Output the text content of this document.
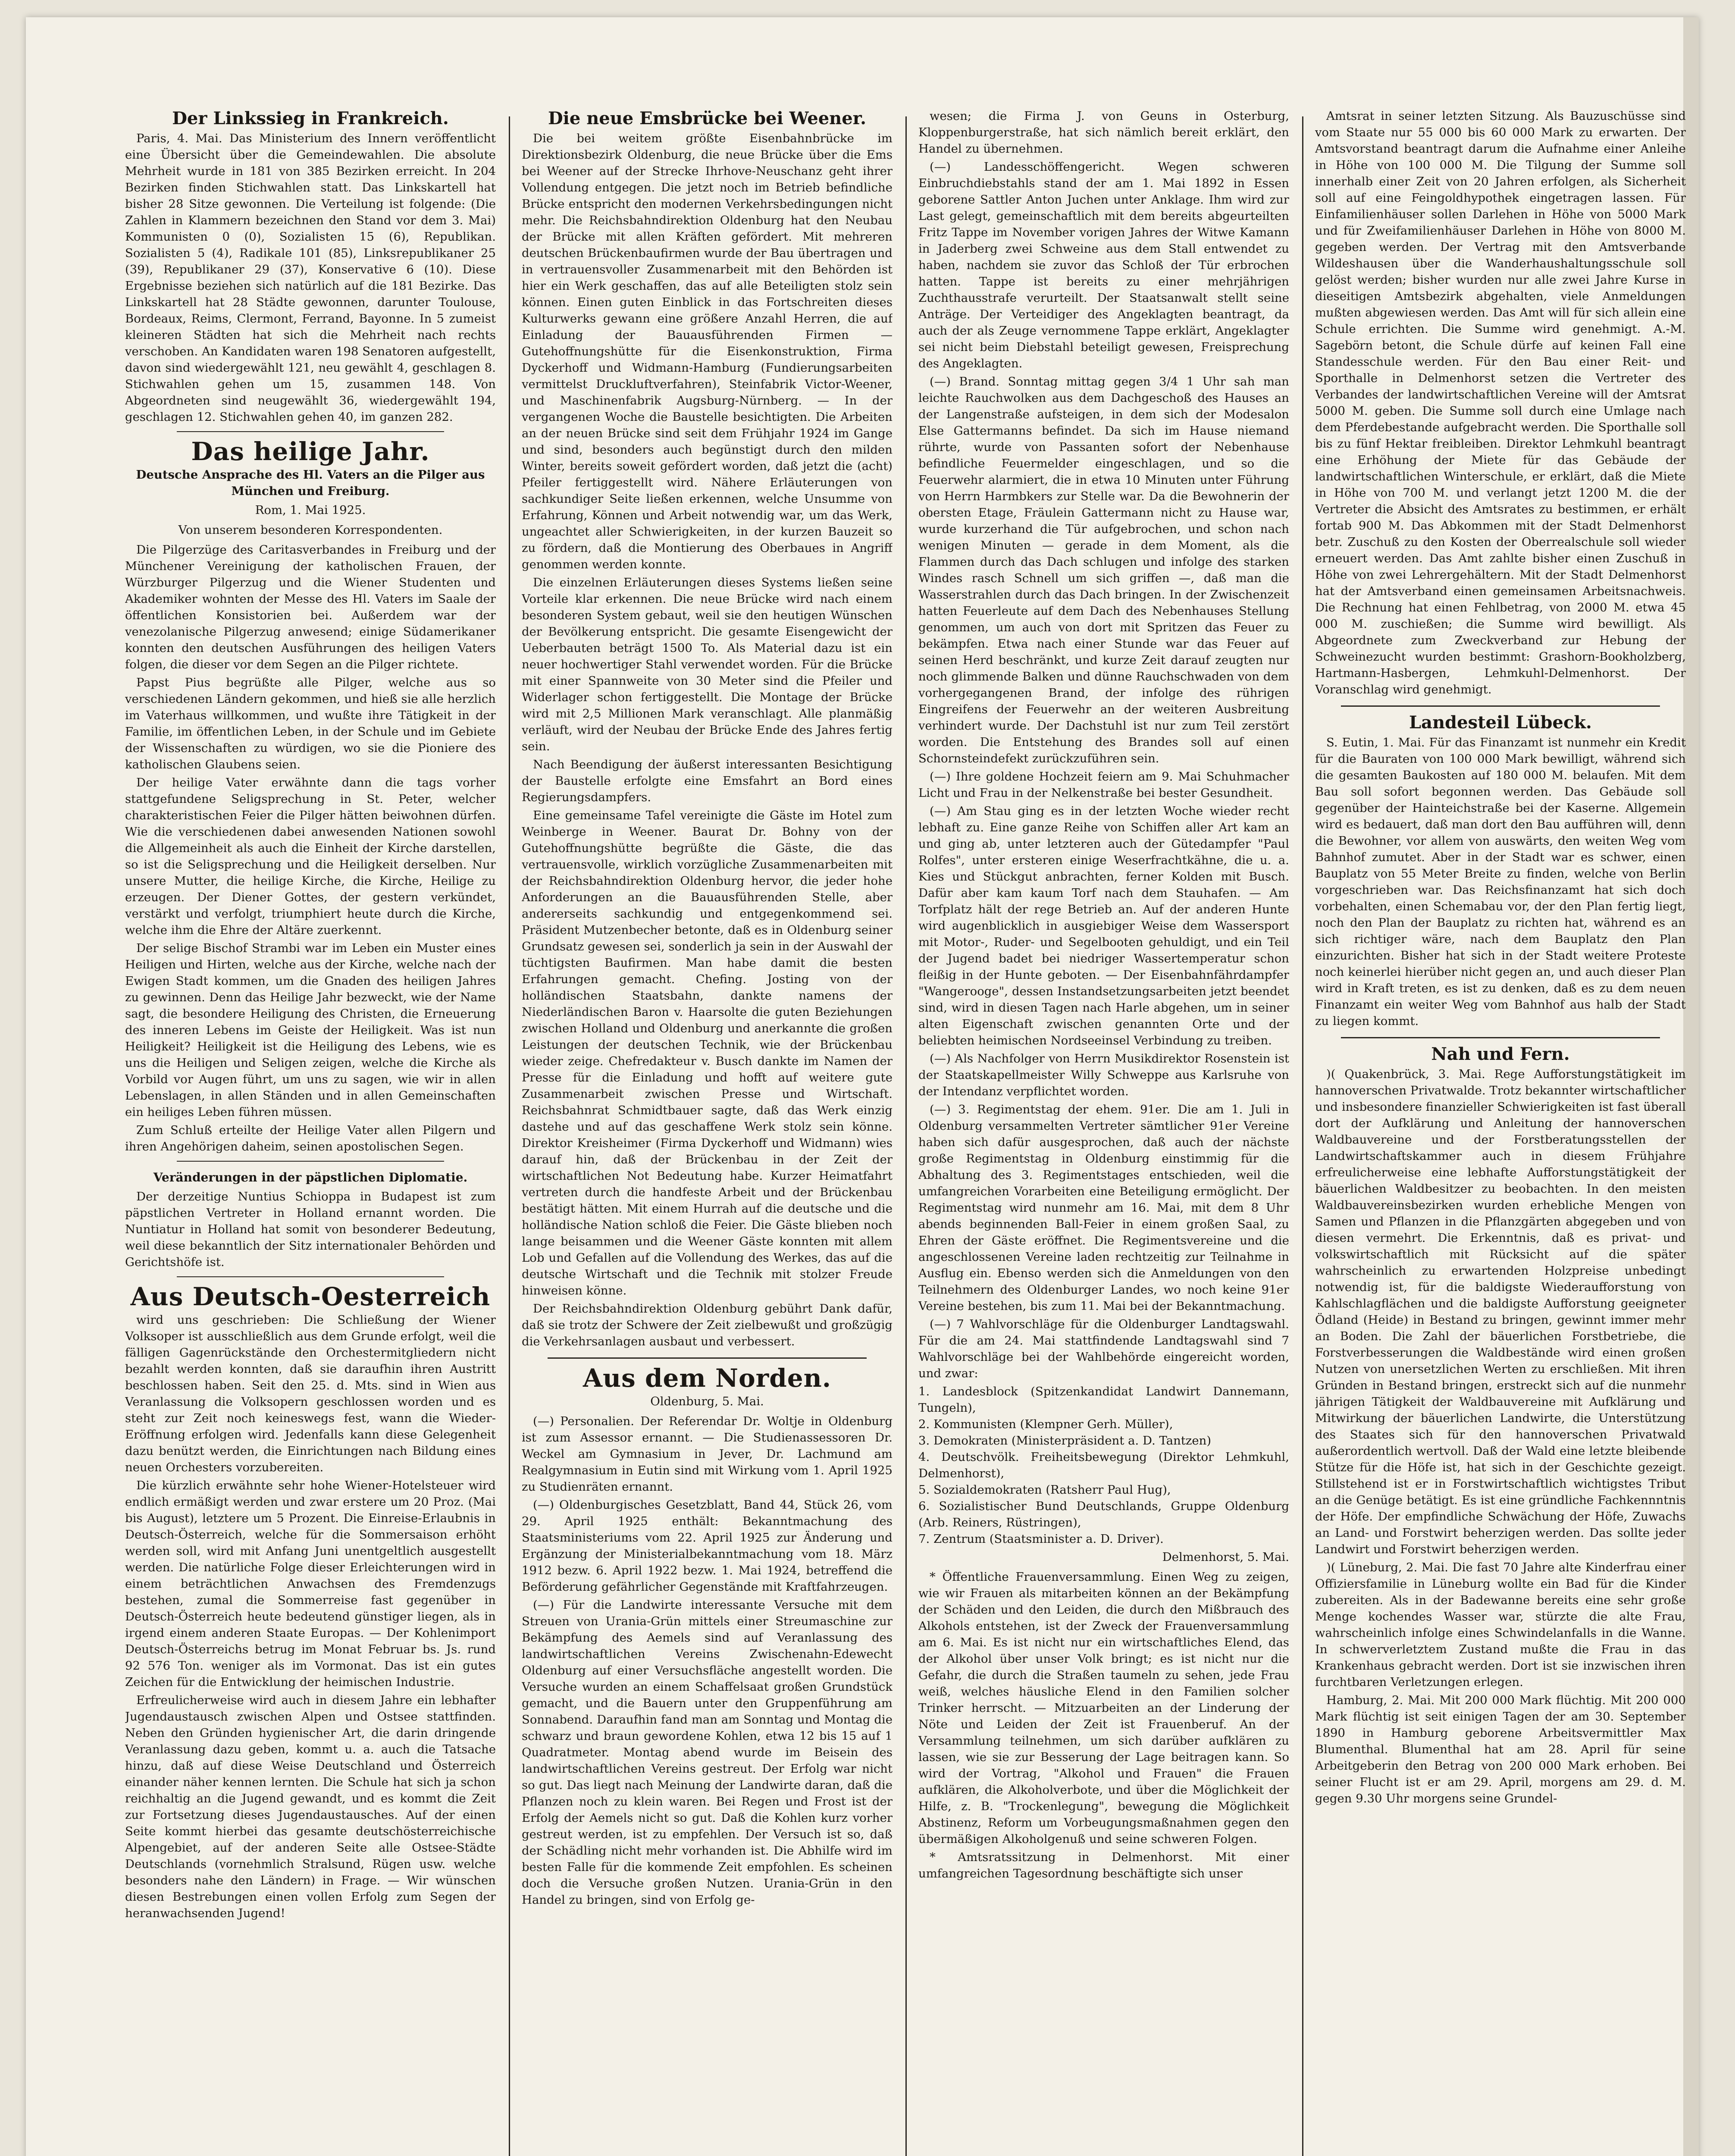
Der Linkssieg in Frankreich.

Paris, 4. Mai. Das Ministerium des Innern veröffentlicht eine Übersicht über die Gemeindewahlen. Die absolute Mehrheit wurde in 181 von 385 Bezirken erreicht. In 204 Bezirken finden Stichwahlen statt. Das Linkskartell hat bisher 28 Sitze gewonnen. Die Verteilung ist folgende: (Die Zahlen in Klammern bezeichnen den Stand vor dem 3. Mai) Kommunisten 0 (0), Sozialisten 15 (6), Republikan. Sozialisten 5 (4), Radikale 101 (85), Linksrepublikaner 25 (39), Republikaner 29 (37), Konservative 6 (10). Diese Ergebnisse beziehen sich natürlich auf die 181 Bezirke. Das Linkskartell hat 28 Städte gewonnen, darunter Toulouse, Bordeaux, Reims, Clermont, Ferrand, Bayonne. In 5 zumeist kleineren Städten hat sich die Mehrheit nach rechts verschoben. An Kandidaten waren 198 Senatoren aufgestellt, davon sind wiedergewählt 121, neu gewählt 4, geschlagen 8. Stichwahlen gehen um 15, zusammen 148. Von Abgeordneten sind neugewählt 36, wiedergewählt 194, geschlagen 12. Stichwahlen gehen 40, im ganzen 282.

Das heilige Jahr.
Deutsche Ansprache des Hl. Vaters an die Pilger aus München und Freiburg.
Rom, 1. Mai 1925.
Von unserem besonderen Korrespondenten.

Die Pilgerzüge des Caritasverbandes in Freiburg und der Münchener Vereinigung der katholischen Frauen, der Würzburger Pilgerzug und die Wiener Studenten und Akademiker wohnten der Messe des Hl. Vaters im Saale der öffentlichen Konsistorien bei. Außerdem war der venezolanische Pilgerzug anwesend; einige Südamerikaner konnten den deutschen Ausführungen des heiligen Vaters folgen, die dieser vor dem Segen an die Pilger richtete.

Papst Pius begrüßte alle Pilger, welche aus so verschiedenen Ländern gekommen, und hieß sie alle herzlich im Vaterhaus willkommen, und wußte ihre Tätigkeit in der Familie, im öffentlichen Leben, in der Schule und im Gebiete der Wissenschaften zu würdigen, wo sie die Pioniere des katholischen Glaubens seien.

Der heilige Vater erwähnte dann die tags vorher stattgefundene Seligsprechung in St. Peter, welcher charakteristischen Feier die Pilger hätten beiwohnen dürfen. Wie die verschiedenen dabei anwesenden Nationen sowohl die Allgemeinheit als auch die Einheit der Kirche darstellen, so ist die Seligsprechung und die Heiligkeit derselben. Nur unsere Mutter, die heilige Kirche, die Kirche, Heilige zu erzeugen. Der Diener Gottes, der gestern verkündet, verstärkt und verfolgt, triumphiert heute durch die Kirche, welche ihm die Ehre der Altäre zuerkennt.

Der selige Bischof Strambi war im Leben ein Muster eines Heiligen und Hirten, welche aus der Kirche, welche nach der Ewigen Stadt kommen, um die Gnaden des heiligen Jahres zu gewinnen. Denn das Heilige Jahr bezweckt, wie der Name sagt, die besondere Heiligung des Christen, die Erneuerung des inneren Lebens im Geiste der Heiligkeit. Was ist nun Heiligkeit? Heiligkeit ist die Heiligung des Lebens, wie es uns die Heiligen und Seligen zeigen, welche die Kirche als Vorbild vor Augen führt, um uns zu sagen, wie wir in allen Lebenslagen, in allen Ständen und in allen Gemeinschaften ein heiliges Leben führen müssen.

Zum Schluß erteilte der Heilige Vater allen Pilgern und ihren Angehörigen daheim, seinen apostolischen Segen.

Veränderungen in der päpstlichen Diplomatie.

Der derzeitige Nuntius Schioppa in Budapest ist zum päpstlichen Vertreter in Holland ernannt worden. Die Nuntiatur in Holland hat somit von besonderer Bedeutung, weil diese bekanntlich der Sitz internationaler Behörden und Gerichtshöfe ist.

Aus Deutsch-Oesterreich

wird uns geschrieben: Die Schließung der Wiener Volksoper ist ausschließlich aus dem Grunde erfolgt, weil die fälligen Gagenrückstände den Orchestermitgliedern nicht bezahlt werden konnten, daß sie daraufhin ihren Austritt beschlossen haben. Seit den 25. d. Mts. sind in Wien aus Veranlassung die Volksopern geschlossen worden und es steht zur Zeit noch keineswegs fest, wann die Wieder-Eröffnung erfolgen wird. Jedenfalls kann diese Gelegenheit dazu benützt werden, die Einrichtungen nach Bildung eines neuen Orchesters vorzubereiten.

Die kürzlich erwähnte sehr hohe Wiener-Hotelsteuer wird endlich ermäßigt werden und zwar erstere um 20 Proz. (Mai bis August), letztere um 5 Prozent. Die Einreise-Erlaubnis in Deutsch-Österreich, welche für die Sommersaison erhöht werden soll, wird mit Anfang Juni unentgeltlich ausgestellt werden. Die natürliche Folge dieser Erleichterungen wird in einem beträchtlichen Anwachsen des Fremdenzugs bestehen, zumal die Sommerreise fast gegenüber in Deutsch-Österreich heute bedeutend günstiger liegen, als in irgend einem anderen Staate Europas. — Der Kohlenimport Deutsch-Österreichs betrug im Monat Februar bs. Js. rund 92 576 Ton. weniger als im Vormonat. Das ist ein gutes Zeichen für die Entwicklung der heimischen Industrie.

Erfreulicherweise wird auch in diesem Jahre ein lebhafter Jugendaustausch zwischen Alpen und Ostsee stattfinden. Neben den Gründen hygienischer Art, die darin dringende Veranlassung dazu geben, kommt u. a. auch die Tatsache hinzu, daß auf diese Weise Deutschland und Österreich einander näher kennen lernten. Die Schule hat sich ja schon reichhaltig an die Jugend gewandt, und es kommt die Zeit zur Fortsetzung dieses Jugendaustausches. Auf der einen Seite kommt hierbei das gesamte deutschösterreichische Alpengebiet, auf der anderen Seite alle Ostsee-Städte Deutschlands (vornehmlich Stralsund, Rügen usw. welche besonders nahe den Ländern) in Frage. — Wir wünschen diesen Bestrebungen einen vollen Erfolg zum Segen der heranwachsenden Jugend!

Die neue Emsbrücke bei Weener.

Die bei weitem größte Eisenbahnbrücke im Direktionsbezirk Oldenburg, die neue Brücke über die Ems bei Weener auf der Strecke Ihrhove-Neuschanz geht ihrer Vollendung entgegen. Die jetzt noch im Betrieb befindliche Brücke entspricht den modernen Verkehrsbedingungen nicht mehr. Die Reichsbahndirektion Oldenburg hat den Neubau der Brücke mit allen Kräften gefördert. Mit mehreren deutschen Brückenbaufirmen wurde der Bau übertragen und in vertrauensvoller Zusammenarbeit mit den Behörden ist hier ein Werk geschaffen, das auf alle Beteiligten stolz sein können. Einen guten Einblick in das Fortschreiten dieses Kulturwerks gewann eine größere Anzahl Herren, die auf Einladung der Bauausführenden Firmen — Gutehoffnungshütte für die Eisenkonstruktion, Firma Dyckerhoff und Widmann-Hamburg (Fundierungsarbeiten vermittelst Druckluftverfahren), Steinfabrik Victor-Weener, und Maschinenfabrik Augsburg-Nürnberg. — In der vergangenen Woche die Baustelle besichtigten. Die Arbeiten an der neuen Brücke sind seit dem Frühjahr 1924 im Gange und sind, besonders auch begünstigt durch den milden Winter, bereits soweit gefördert worden, daß jetzt die (acht) Pfeiler fertiggestellt wird. Nähere Erläuterungen von sachkundiger Seite ließen erkennen, welche Unsumme von Erfahrung, Können und Arbeit notwendig war, um das Werk, ungeachtet aller Schwierigkeiten, in der kurzen Bauzeit so zu fördern, daß die Montierung des Oberbaues in Angriff genommen werden konnte.

Die einzelnen Erläuterungen dieses Systems ließen seine Vorteile klar erkennen. Die neue Brücke wird nach einem besonderen System gebaut, weil sie den heutigen Wünschen der Bevölkerung entspricht. Die gesamte Eisengewicht der Ueberbauten beträgt 1500 To. Als Material dazu ist ein neuer hochwertiger Stahl verwendet worden. Für die Brücke mit einer Spannweite von 30 Meter sind die Pfeiler und Widerlager schon fertiggestellt. Die Montage der Brücke wird mit 2,5 Millionen Mark veranschlagt. Alle planmäßig verläuft, wird der Neubau der Brücke Ende des Jahres fertig sein.

Nach Beendigung der äußerst interessanten Besichtigung der Baustelle erfolgte eine Emsfahrt an Bord eines Regierungsdampfers.

Eine gemeinsame Tafel vereinigte die Gäste im Hotel zum Weinberge in Weener. Baurat Dr. Bohny von der Gutehoffnungshütte begrüßte die Gäste, die das vertrauensvolle, wirklich vorzügliche Zusammenarbeiten mit der Reichsbahndirektion Oldenburg hervor, die jeder hohe Anforderungen an die Bauausführenden Stelle, aber andererseits sachkundig und entgegenkommend sei. Präsident Mutzenbecher betonte, daß es in Oldenburg seiner Grundsatz gewesen sei, sonderlich ja sein in der Auswahl der tüchtigsten Baufirmen. Man habe damit die besten Erfahrungen gemacht. Chefing. Josting von der holländischen Staatsbahn, dankte namens der Niederländischen Baron v. Haarsolte die guten Beziehungen zwischen Holland und Oldenburg und anerkannte die großen Leistungen der deutschen Technik, wie der Brückenbau wieder zeige. Chefredakteur v. Busch dankte im Namen der Presse für die Einladung und hofft auf weitere gute Zusammenarbeit zwischen Presse und Wirtschaft. Reichsbahnrat Schmidtbauer sagte, daß das Werk einzig dastehe und auf das geschaffene Werk stolz sein könne. Direktor Kreisheimer (Firma Dyckerhoff und Widmann) wies darauf hin, daß der Brückenbau in der Zeit der wirtschaftlichen Not Bedeutung habe. Kurzer Heimatfahrt vertreten durch die handfeste Arbeit und der Brückenbau bestätigt hätten. Mit einem Hurrah auf die deutsche und die holländische Nation schloß die Feier. Die Gäste blieben noch lange beisammen und die Weener Gäste konnten mit allem Lob und Gefallen auf die Vollendung des Werkes, das auf die deutsche Wirtschaft und die Technik mit stolzer Freude hinweisen könne.

Der Reichsbahndirektion Oldenburg gebührt Dank dafür, daß sie trotz der Schwere der Zeit zielbewußt und großzügig die Verkehrsanlagen ausbaut und verbessert.

Aus dem Norden.
Oldenburg, 5. Mai.

(—) Personalien. Der Referendar Dr. Woltje in Oldenburg ist zum Assessor ernannt. — Die Studienassessoren Dr. Weckel am Gymnasium in Jever, Dr. Lachmund am Realgymnasium in Eutin sind mit Wirkung vom 1. April 1925 zu Studienräten ernannt.

(—) Oldenburgisches Gesetzblatt, Band 44, Stück 26, vom 29. April 1925 enthält: Bekanntmachung des Staatsministeriums vom 22. April 1925 zur Änderung und Ergänzung der Ministerialbekanntmachung vom 18. März 1912 bezw. 6. April 1922 bezw. 1. Mai 1924, betreffend die Beförderung gefährlicher Gegenstände mit Kraftfahrzeugen.

(—) Für die Landwirte interessante Versuche mit dem Streuen von Urania-Grün mittels einer Streumaschine zur Bekämpfung des Aemels sind auf Veranlassung des landwirtschaftlichen Vereins Zwischenahn-Edewecht Oldenburg auf einer Versuchsfläche angestellt worden. Die Versuche wurden an einem Schaffelsaat großen Grundstück gemacht, und die Bauern unter den Gruppenführung am Sonnabend. Daraufhin fand man am Sonntag und Montag die schwarz und braun gewordene Kohlen, etwa 12 bis 15 auf 1 Quadratmeter. Montag abend wurde im Beisein des landwirtschaftlichen Vereins gestreut. Der Erfolg war nicht so gut. Das liegt nach Meinung der Landwirte daran, daß die Pflanzen noch zu klein waren. Bei Regen und Frost ist der Erfolg der Aemels nicht so gut. Daß die Kohlen kurz vorher gestreut werden, ist zu empfehlen. Der Versuch ist so, daß der Schädling nicht mehr vorhanden ist. Die Abhilfe wird im besten Falle für die kommende Zeit empfohlen. Es scheinen doch die Versuche großen Nutzen. Urania-Grün in den Handel zu bringen, sind von Erfolg ge-

wesen; die Firma J. von Geuns in Osterburg, Kloppenburgerstraße, hat sich nämlich bereit erklärt, den Handel zu übernehmen.

(—) Landesschöffengericht. Wegen schweren Einbruchdiebstahls stand der am 1. Mai 1892 in Essen geborene Sattler Anton Juchen unter Anklage. Ihm wird zur Last gelegt, gemeinschaftlich mit dem bereits abgeurteilten Fritz Tappe im November vorigen Jahres der Witwe Kamann in Jaderberg zwei Schweine aus dem Stall entwendet zu haben, nachdem sie zuvor das Schloß der Tür erbrochen hatten. Tappe ist bereits zu einer mehrjährigen Zuchthausstrafe verurteilt. Der Staatsanwalt stellt seine Anträge. Der Verteidiger des Angeklagten beantragt, da auch der als Zeuge vernommene Tappe erklärt, Angeklagter sei nicht beim Diebstahl beteiligt gewesen, Freisprechung des Angeklagten.

(—) Brand. Sonntag mittag gegen 3/4 1 Uhr sah man leichte Rauchwolken aus dem Dachgeschoß des Hauses an der Langenstraße aufsteigen, in dem sich der Modesalon Else Gattermanns befindet. Da sich im Hause niemand rührte, wurde von Passanten sofort der Nebenhause befindliche Feuermelder eingeschlagen, und so die Feuerwehr alarmiert, die in etwa 10 Minuten unter Führung von Herrn Harmbkers zur Stelle war. Da die Bewohnerin der obersten Etage, Fräulein Gattermann nicht zu Hause war, wurde kurzerhand die Tür aufgebrochen, und schon nach wenigen Minuten — gerade in dem Moment, als die Flammen durch das Dach schlugen und infolge des starken Windes rasch Schnell um sich griffen —, daß man die Wasserstrahlen durch das Dach bringen. In der Zwischenzeit hatten Feuerleute auf dem Dach des Nebenhauses Stellung genommen, um auch von dort mit Spritzen das Feuer zu bekämpfen. Etwa nach einer Stunde war das Feuer auf seinen Herd beschränkt, und kurze Zeit darauf zeugten nur noch glimmende Balken und dünne Rauchschwaden von dem vorhergegangenen Brand, der infolge des rührigen Eingreifens der Feuerwehr an der weiteren Ausbreitung verhindert wurde. Der Dachstuhl ist nur zum Teil zerstört worden. Die Entstehung des Brandes soll auf einen Schornsteindefekt zurückzuführen sein.

(—) Ihre goldene Hochzeit feiern am 9. Mai Schuhmacher Licht und Frau in der Nelkenstraße bei bester Gesundheit.

(—) Am Stau ging es in der letzten Woche wieder recht lebhaft zu. Eine ganze Reihe von Schiffen aller Art kam an und ging ab, unter letzteren auch der Gütedampfer "Paul Rolfes", unter ersteren einige Weserfrachtkähne, die u. a. Kies und Stückgut anbrachten, ferner Kolden mit Busch. Dafür aber kam kaum Torf nach dem Stauhafen. — Am Torfplatz hält der rege Betrieb an. Auf der anderen Hunte wird augenblicklich in ausgiebiger Weise dem Wassersport mit Motor-, Ruder- und Segelbooten gehuldigt, und ein Teil der Jugend badet bei niedriger Wassertemperatur schon fleißig in der Hunte geboten. — Der Eisenbahnfährdampfer "Wangerooge", dessen Instandsetzungsarbeiten jetzt beendet sind, wird in diesen Tagen nach Harle abgehen, um in seiner alten Eigenschaft zwischen genannten Orte und der beliebten heimischen Nordseeinsel Verbindung zu treiben.

(—) Als Nachfolger von Herrn Musikdirektor Rosenstein ist der Staatskapellmeister Willy Schweppe aus Karlsruhe von der Intendanz verpflichtet worden.

(—) 3. Regimentstag der ehem. 91er. Die am 1. Juli in Oldenburg versammelten Vertreter sämtlicher 91er Vereine haben sich dafür ausgesprochen, daß auch der nächste große Regimentstag in Oldenburg einstimmig für die Abhaltung des 3. Regimentstages entschieden, weil die umfangreichen Vorarbeiten eine Beteiligung ermöglicht. Der Regimentstag wird nunmehr am 16. Mai, mit dem 8 Uhr abends beginnenden Ball-Feier in einem großen Saal, zu Ehren der Gäste eröffnet. Die Regimentsvereine und die angeschlossenen Vereine laden rechtzeitig zur Teilnahme in Ausflug ein. Ebenso werden sich die Anmeldungen von den Teilnehmern des Oldenburger Landes, wo noch keine 91er Vereine bestehen, bis zum 11. Mai bei der Bekanntmachung.

(—) 7 Wahlvorschläge für die Oldenburger Landtagswahl. Für die am 24. Mai stattfindende Landtagswahl sind 7 Wahlvorschläge bei der Wahlbehörde eingereicht worden, und zwar:

1. Landesblock (Spitzenkandidat Landwirt Dannemann, Tungeln),
2. Kommunisten (Klempner Gerh. Müller),
3. Demokraten (Ministerpräsident a. D. Tantzen)
4. Deutschvölk. Freiheitsbewegung (Direktor Lehmkuhl, Delmenhorst),
5. Sozialdemokraten (Ratsherr Paul Hug),
6. Sozialistischer Bund Deutschlands, Gruppe Oldenburg (Arb. Reiners, Rüstringen),
7. Zentrum (Staatsminister a. D. Driver).
Delmenhorst, 5. Mai.

* Öffentliche Frauenversammlung. Einen Weg zu zeigen, wie wir Frauen als mitarbeiten können an der Bekämpfung der Schäden und den Leiden, die durch den Mißbrauch des Alkohols entstehen, ist der Zweck der Frauenversammlung am 6. Mai. Es ist nicht nur ein wirtschaftliches Elend, das der Alkohol über unser Volk bringt; es ist nicht nur die Gefahr, die durch die Straßen taumeln zu sehen, jede Frau weiß, welches häusliche Elend in den Familien solcher Trinker herrscht. — Mitzuarbeiten an der Linderung der Nöte und Leiden der Zeit ist Frauenberuf. An der Versammlung teilnehmen, um sich darüber aufklären zu lassen, wie sie zur Besserung der Lage beitragen kann. So wird der Vortrag, "Alkohol und Frauen" die Frauen aufklären, die Alkoholverbote, und über die Möglichkeit der Hilfe, z. B. "Trockenlegung", bewegung die Möglichkeit Abstinenz, Reform um Vorbeugungsmaßnahmen gegen den übermäßigen Alkoholgenuß und seine schweren Folgen.

* Amtsratssitzung in Delmenhorst. Mit einer umfangreichen Tagesordnung beschäftigte sich unser

Amtsrat in seiner letzten Sitzung. Als Bauzuschüsse sind vom Staate nur 55 000 bis 60 000 Mark zu erwarten. Der Amtsvorstand beantragt darum die Aufnahme einer Anleihe in Höhe von 100 000 M. Die Tilgung der Summe soll innerhalb einer Zeit von 20 Jahren erfolgen, als Sicherheit soll auf eine Feingoldhypothek eingetragen lassen. Für Einfamilienhäuser sollen Darlehen in Höhe von 5000 Mark und für Zweifamilienhäuser Darlehen in Höhe von 8000 M. gegeben werden. Der Vertrag mit den Amtsverbande Wildeshausen über die Wanderhaushaltungsschule soll gelöst werden; bisher wurden nur alle zwei Jahre Kurse in dieseitigen Amtsbezirk abgehalten, viele Anmeldungen mußten abgewiesen werden. Das Amt will für sich allein eine Schule errichten. Die Summe wird genehmigt. A.-M. Sagebörn betont, die Schule dürfe auf keinen Fall eine Standesschule werden. Für den Bau einer Reit- und Sporthalle in Delmenhorst setzen die Vertreter des Verbandes der landwirtschaftlichen Vereine will der Amtsrat 5000 M. geben. Die Summe soll durch eine Umlage nach dem Pferdebestande aufgebracht werden. Die Sporthalle soll bis zu fünf Hektar freibleiben. Direktor Lehmkuhl beantragt eine Erhöhung der Miete für das Gebäude der landwirtschaftlichen Winterschule, er erklärt, daß die Miete in Höhe von 700 M. und verlangt jetzt 1200 M. die der Vertreter die Absicht des Amtsrates zu bestimmen, er erhält fortab 900 M. Das Abkommen mit der Stadt Delmenhorst betr. Zuschuß zu den Kosten der Oberrealschule soll wieder erneuert werden. Das Amt zahlte bisher einen Zuschuß in Höhe von zwei Lehrergehältern. Mit der Stadt Delmenhorst hat der Amtsverband einen gemeinsamen Arbeitsnachweis. Die Rechnung hat einen Fehlbetrag, von 2000 M. etwa 45 000 M. zuschießen; die Summe wird bewilligt. Als Abgeordnete zum Zweckverband zur Hebung der Schweinezucht wurden bestimmt: Grashorn-Bookholzberg, Hartmann-Hasbergen, Lehmkuhl-Delmenhorst. Der Voranschlag wird genehmigt.

Landesteil Lübeck.

S. Eutin, 1. Mai. Für das Finanzamt ist nunmehr ein Kredit für die Bauraten von 100 000 Mark bewilligt, während sich die gesamten Baukosten auf 180 000 M. belaufen. Mit dem Bau soll sofort begonnen werden. Das Gebäude soll gegenüber der Hainteichstraße bei der Kaserne. Allgemein wird es bedauert, daß man dort den Bau aufführen will, denn die Bewohner, vor allem von auswärts, den weiten Weg vom Bahnhof zumutet. Aber in der Stadt war es schwer, einen Bauplatz von 55 Meter Breite zu finden, welche von Berlin vorgeschrieben war. Das Reichsfinanzamt hat sich doch vorbehalten, einen Schemabau vor, der den Plan fertig liegt, noch den Plan der Bauplatz zu richten hat, während es an sich richtiger wäre, nach dem Bauplatz den Plan einzurichten. Bisher hat sich in der Stadt weitere Proteste noch keinerlei hierüber nicht gegen an, und auch dieser Plan wird in Kraft treten, es ist zu denken, daß es zu dem neuen Finanzamt ein weiter Weg vom Bahnhof aus halb der Stadt zu liegen kommt.

Nah und Fern.

)( Quakenbrück, 3. Mai. Rege Aufforstungstätigkeit im hannoverschen Privatwalde. Trotz bekannter wirtschaftlicher und insbesondere finanzieller Schwierigkeiten ist fast überall dort der Aufklärung und Anleitung der hannoverschen Waldbauvereine und der Forstberatungsstellen der Landwirtschaftskammer auch in diesem Frühjahre erfreulicherweise eine lebhafte Aufforstungstätigkeit der bäuerlichen Waldbesitzer zu beobachten. In den meisten Waldbauvereinsbezirken wurden erhebliche Mengen von Samen und Pflanzen in die Pflanzgärten abgegeben und von diesen vermehrt. Die Erkenntnis, daß es privat- und volkswirtschaftlich mit Rücksicht auf die später wahrscheinlich zu erwartenden Holzpreise unbedingt notwendig ist, für die baldigste Wiederaufforstung von Kahlschlagflächen und die baldigste Aufforstung geeigneter Ödland (Heide) in Bestand zu bringen, gewinnt immer mehr an Boden. Die Zahl der bäuerlichen Forstbetriebe, die Forstverbesserungen die Waldbestände wird einen großen Nutzen von unersetzlichen Werten zu erschließen. Mit ihren Gründen in Bestand bringen, erstreckt sich auf die nunmehr jährigen Tätigkeit der Waldbauvereine mit Aufklärung und Mitwirkung der bäuerlichen Landwirte, die Unterstützung des Staates sich für den hannoverschen Privatwald außerordentlich wertvoll. Daß der Wald eine letzte bleibende Stütze für die Höfe ist, hat sich in der Geschichte gezeigt. Stillstehend ist er in Forstwirtschaftlich wichtigstes Tribut an die Genüge betätigt. Es ist eine gründliche Fachkennntnis der Höfe. Der empfindliche Schwächung der Höfe, Zuwachs an Land- und Forstwirt beherzigen werden. Das sollte jeder Landwirt und Forstwirt beherzigen werden.

)( Lüneburg, 2. Mai. Die fast 70 Jahre alte Kinderfrau einer Offiziersfamilie in Lüneburg wollte ein Bad für die Kinder zubereiten. Als in der Badewanne bereits eine sehr große Menge kochendes Wasser war, stürzte die alte Frau, wahrscheinlich infolge eines Schwindelanfalls in die Wanne. In schwerverletztem Zustand mußte die Frau in das Krankenhaus gebracht werden. Dort ist sie inzwischen ihren furchtbaren Verletzungen erlegen.

Hamburg, 2. Mai. Mit 200 000 Mark flüchtig. Mit 200 000 Mark flüchtig ist seit einigen Tagen der am 30. September 1890 in Hamburg geborene Arbeitsvermittler Max Blumenthal. Blumenthal hat am 28. April für seine Arbeitgeberin den Betrag von 200 000 Mark erhoben. Bei seiner Flucht ist er am 29. April, morgens am 29. d. M. gegen 9.30 Uhr morgens seine Grundel-
